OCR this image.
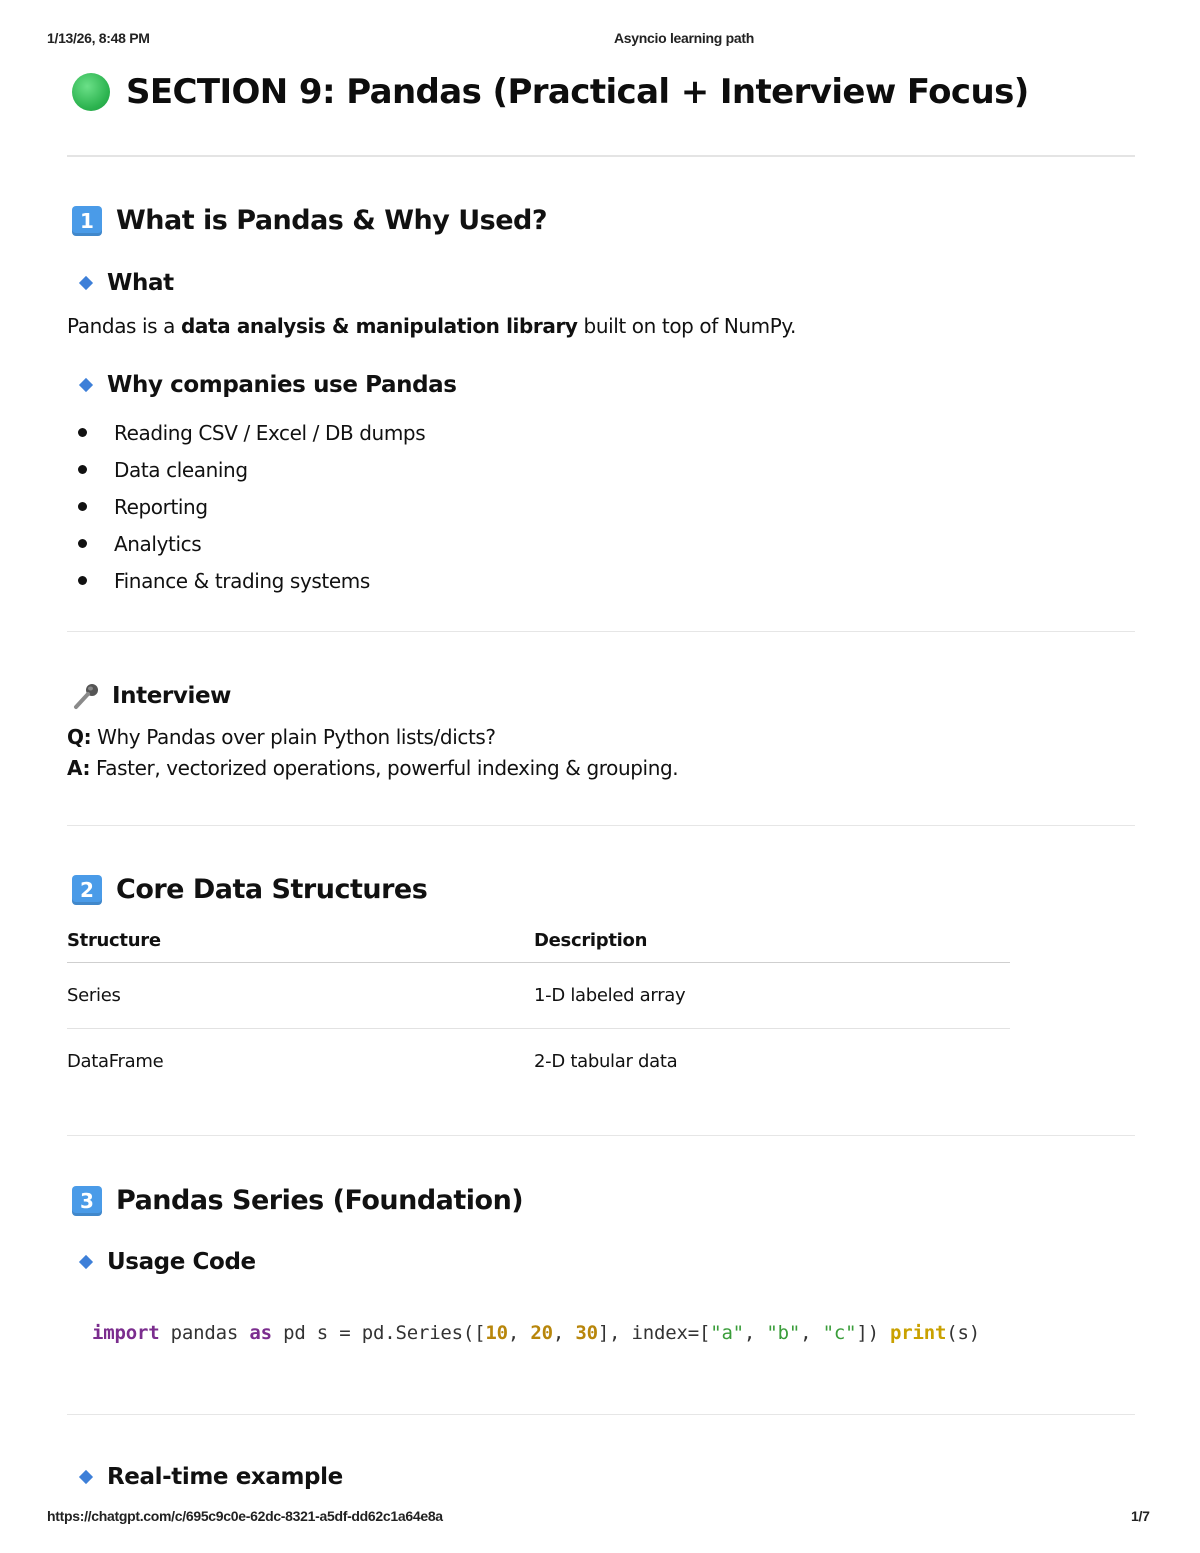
1/13/26, 8:48 PM	Asyncio learning path
SECTION 9: Pandas (Practical + Interview Focus)
1 What is Pandas & Why Used?
What
Pandas is a data analysis & manipulation library built on top of NumPy.
Why companies use Pandas
Reading CSV / Excel / DB dumps
Data cleaning
Reporting
Analytics
Finance & trading systems
Interview
Q: Why Pandas over plain Python lists/dicts?
A: Faster, vectorized operations, powerful indexing & grouping.
2 Core Data Structures
Structure	Description
Series	1-D labeled array
DataFrame	2-D tabular data
3 Pandas Series (Foundation)
Usage Code
import pandas as pd s = pd.Series([10, 20, 30], index=["a", "b", "c"]) print(s)
Real-time example
https://chatgpt.com/c/695c9c0e-62dc-8321-a5df-dd62c1a64e8a	1/7
